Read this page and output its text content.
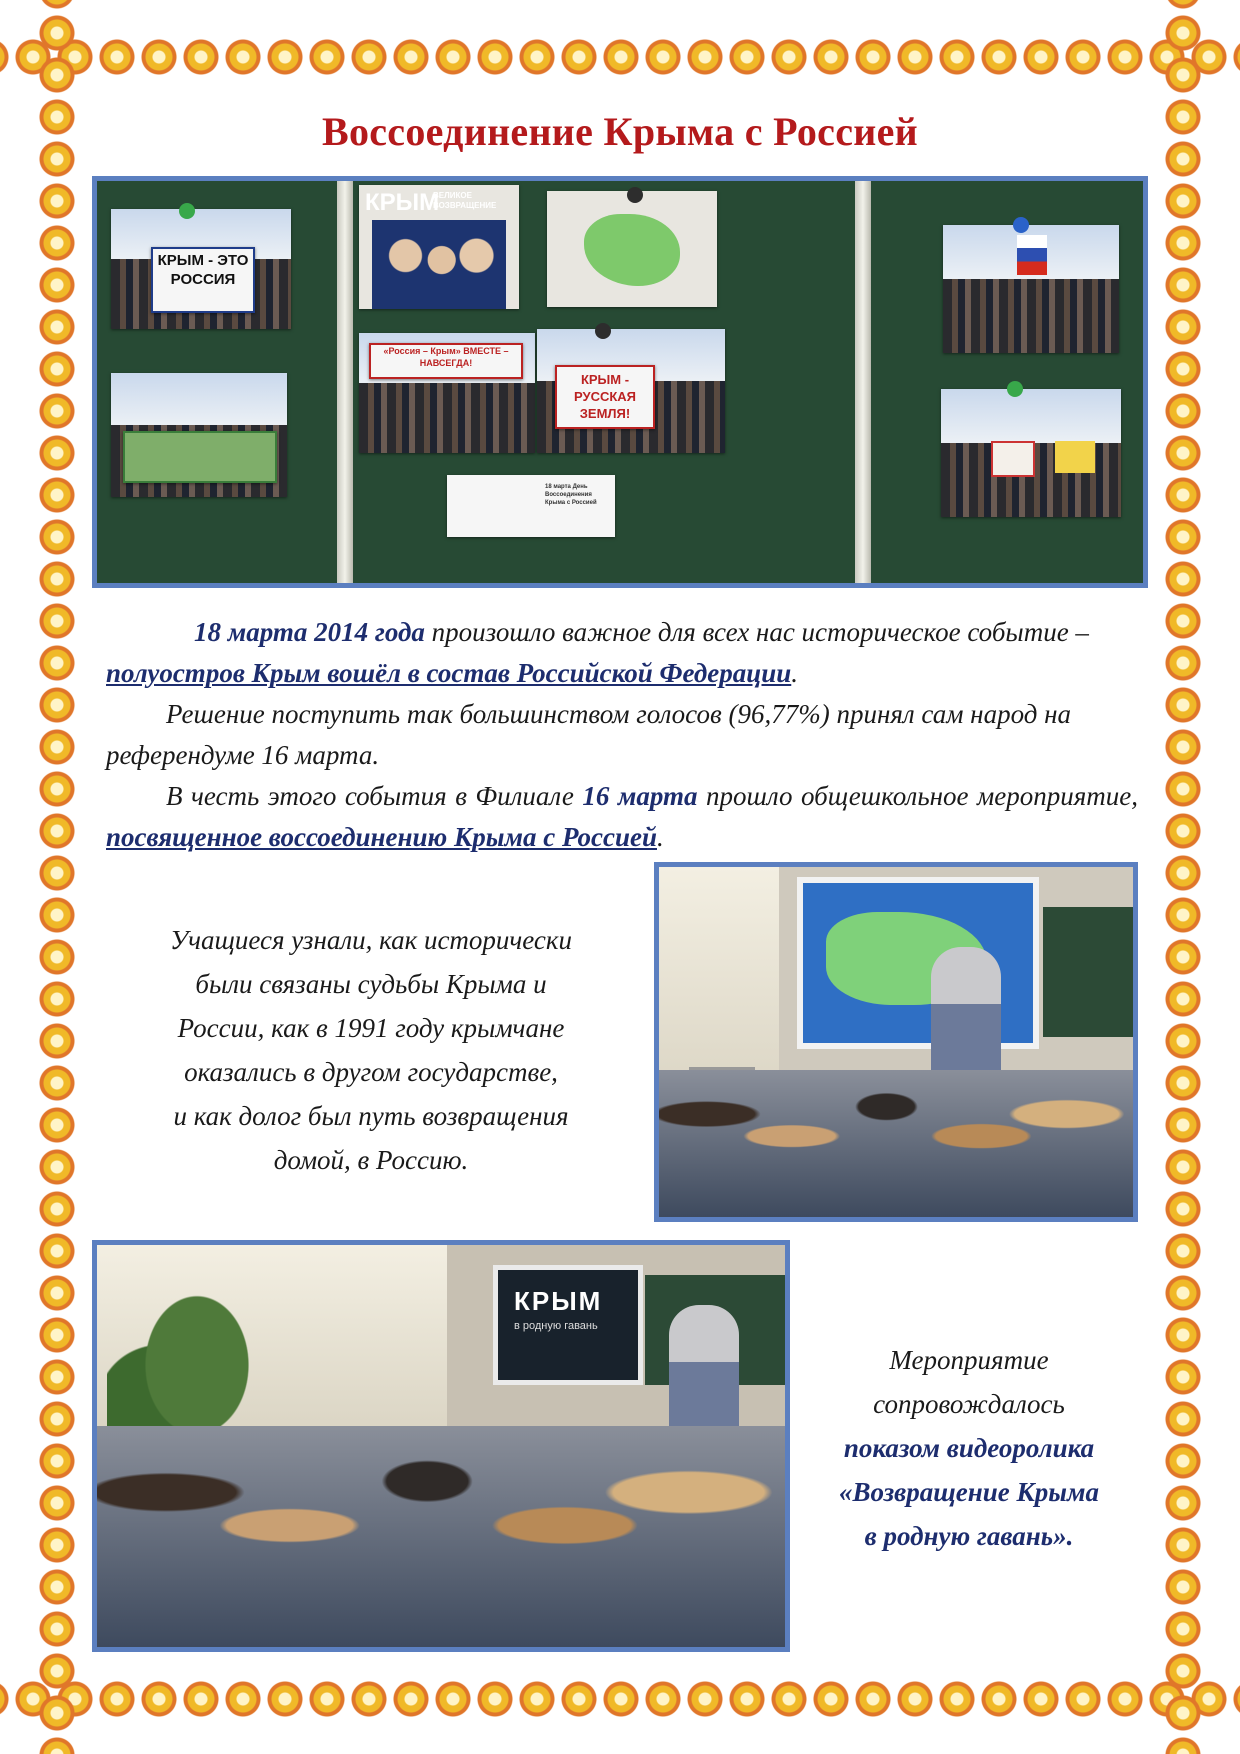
Воссоединение Крыма с Россией
КРЫМ - ЭТО РОССИЯ
КРЫМ
ВЕЛИКОЕ ВОЗВРАЩЕНИЕ
«Россия – Крым» ВМЕСТЕ – НАВСЕГДА!
КРЫМ - РУССКАЯ ЗЕМЛЯ!
18 марта День Воссоединения Крыма с Россией
18 марта 2014 года произошло важное для всех нас историческое событие – полуостров Крым вошёл в состав Российской Федерации.
Решение поступить так большинством голосов (96,77%) принял сам народ на референдуме 16 марта.
В честь этого события в Филиале 16 марта прошло общешкольное мероприятие, посвященное воссоединению Крыма с Россией.
Учащиеся узнали, как исторически
были связаны судьбы Крыма и
России, как в 1991 году крымчане
оказались в другом государстве,
и как долог был путь возвращения
домой, в Россию.
КРЫМ
в родную гавань
Мероприятие
сопровождалось
показом видеоролика
«Возвращение Крыма
в родную гавань».
